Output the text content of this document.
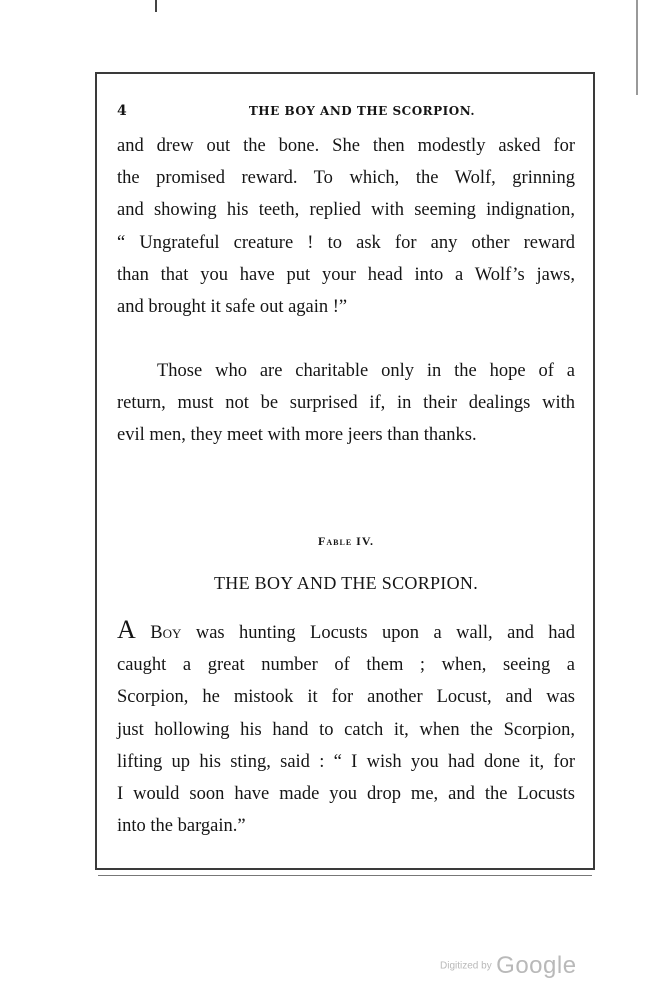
4	THE BOY AND THE SCORPION.
and drew out the bone. She then modestly asked for
the promised reward. To which, the Wolf, grinning
and showing his teeth, replied with seeming indignation,
“ Ungrateful creature ! to ask for any other reward
than that you have put your head into a Wolf’s jaws,
and brought it safe out again !”
Those who are charitable only in the hope of a
return, must not be surprised if, in their dealings with
evil men, they meet with more jeers than thanks.
Fable IV.
THE BOY AND THE SCORPION.
A Boy was hunting Locusts upon a wall, and had
caught a great number of them ; when, seeing a
Scorpion, he mistook it for another Locust, and was
just hollowing his hand to catch it, when the Scorpion,
lifting up his sting, said : “ I wish you had done it, for
I would soon have made you drop me, and the Locusts
into the bargain.”
Digitized by Google
